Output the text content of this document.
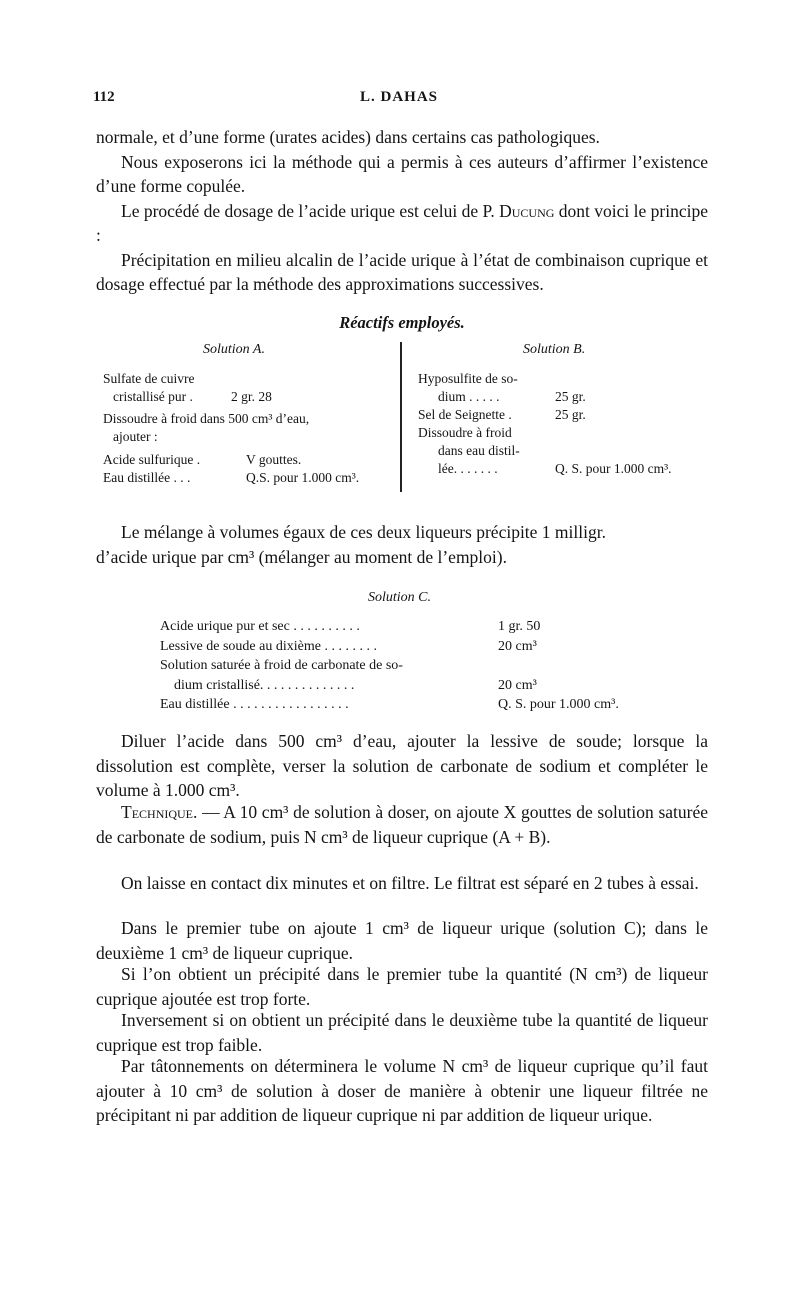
112	L. DAHAS

normale, et d’une forme (urates acides) dans certains cas pathologiques.

Nous exposerons ici la méthode qui a permis à ces auteurs d’affirmer l’existence d’une forme copulée.

Le procédé de dosage de l’acide urique est celui de P. Ducung dont voici le principe :

Précipitation en milieu alcalin de l’acide urique à l’état de combinaison cuprique et dosage effectué par la méthode des approximations successives.

Réactifs employés.
Solution A.	Solution B.
Sulfate de cuivre
cristallisé pur .	2 gr. 28
Dissoudre à froid dans 500 cm³ d’eau,
ajouter :
Acide sulfurique .	V gouttes.
Eau distillée . . .	Q.S. pour 1.000 cm³.
Hyposulfite de so-
dium . . . . .	25 gr.
Sel de Seignette .	25 gr.
Dissoudre à froid
dans eau distil-
lée. . . . . . .	Q. S. pour 1.000 cm³.
Le mélange à volumes égaux de ces deux liqueurs précipite 1 milligr.
d’acide urique par cm³ (mélanger au moment de l’emploi).
Solution C.
Acide urique pur et sec . . . . . . . . . .	1 gr. 50
Lessive de soude au dixième . . . . . . . .	20 cm³
Solution saturée à froid de carbonate de so-
dium cristallisé. . . . . . . . . . . . . .	20 cm³
Eau distillée . . . . . . . . . . . . . . . . .	Q. S. pour 1.000 cm³.

Diluer l’acide dans 500 cm³ d’eau, ajouter la lessive de soude; lorsque la dissolution est complète, verser la solution de carbonate de sodium et compléter le volume à 1.000 cm³.

Technique. — A 10 cm³ de solution à doser, on ajoute X gouttes de solution saturée de carbonate de sodium, puis N cm³ de liqueur cuprique (A + B).

On laisse en contact dix minutes et on filtre. Le filtrat est séparé en 2 tubes à essai.

Dans le premier tube on ajoute 1 cm³ de liqueur urique (solution C); dans le deuxième 1 cm³ de liqueur cuprique.

Si l’on obtient un précipité dans le premier tube la quantité (N cm³) de liqueur cuprique ajoutée est trop forte.

Inversement si on obtient un précipité dans le deuxième tube la quantité de liqueur cuprique est trop faible.

Par tâtonnements on déterminera le volume N cm³ de liqueur cuprique qu’il faut ajouter à 10 cm³ de solution à doser de manière à obtenir une liqueur filtrée ne précipitant ni par addition de liqueur cuprique ni par addition de liqueur urique.
